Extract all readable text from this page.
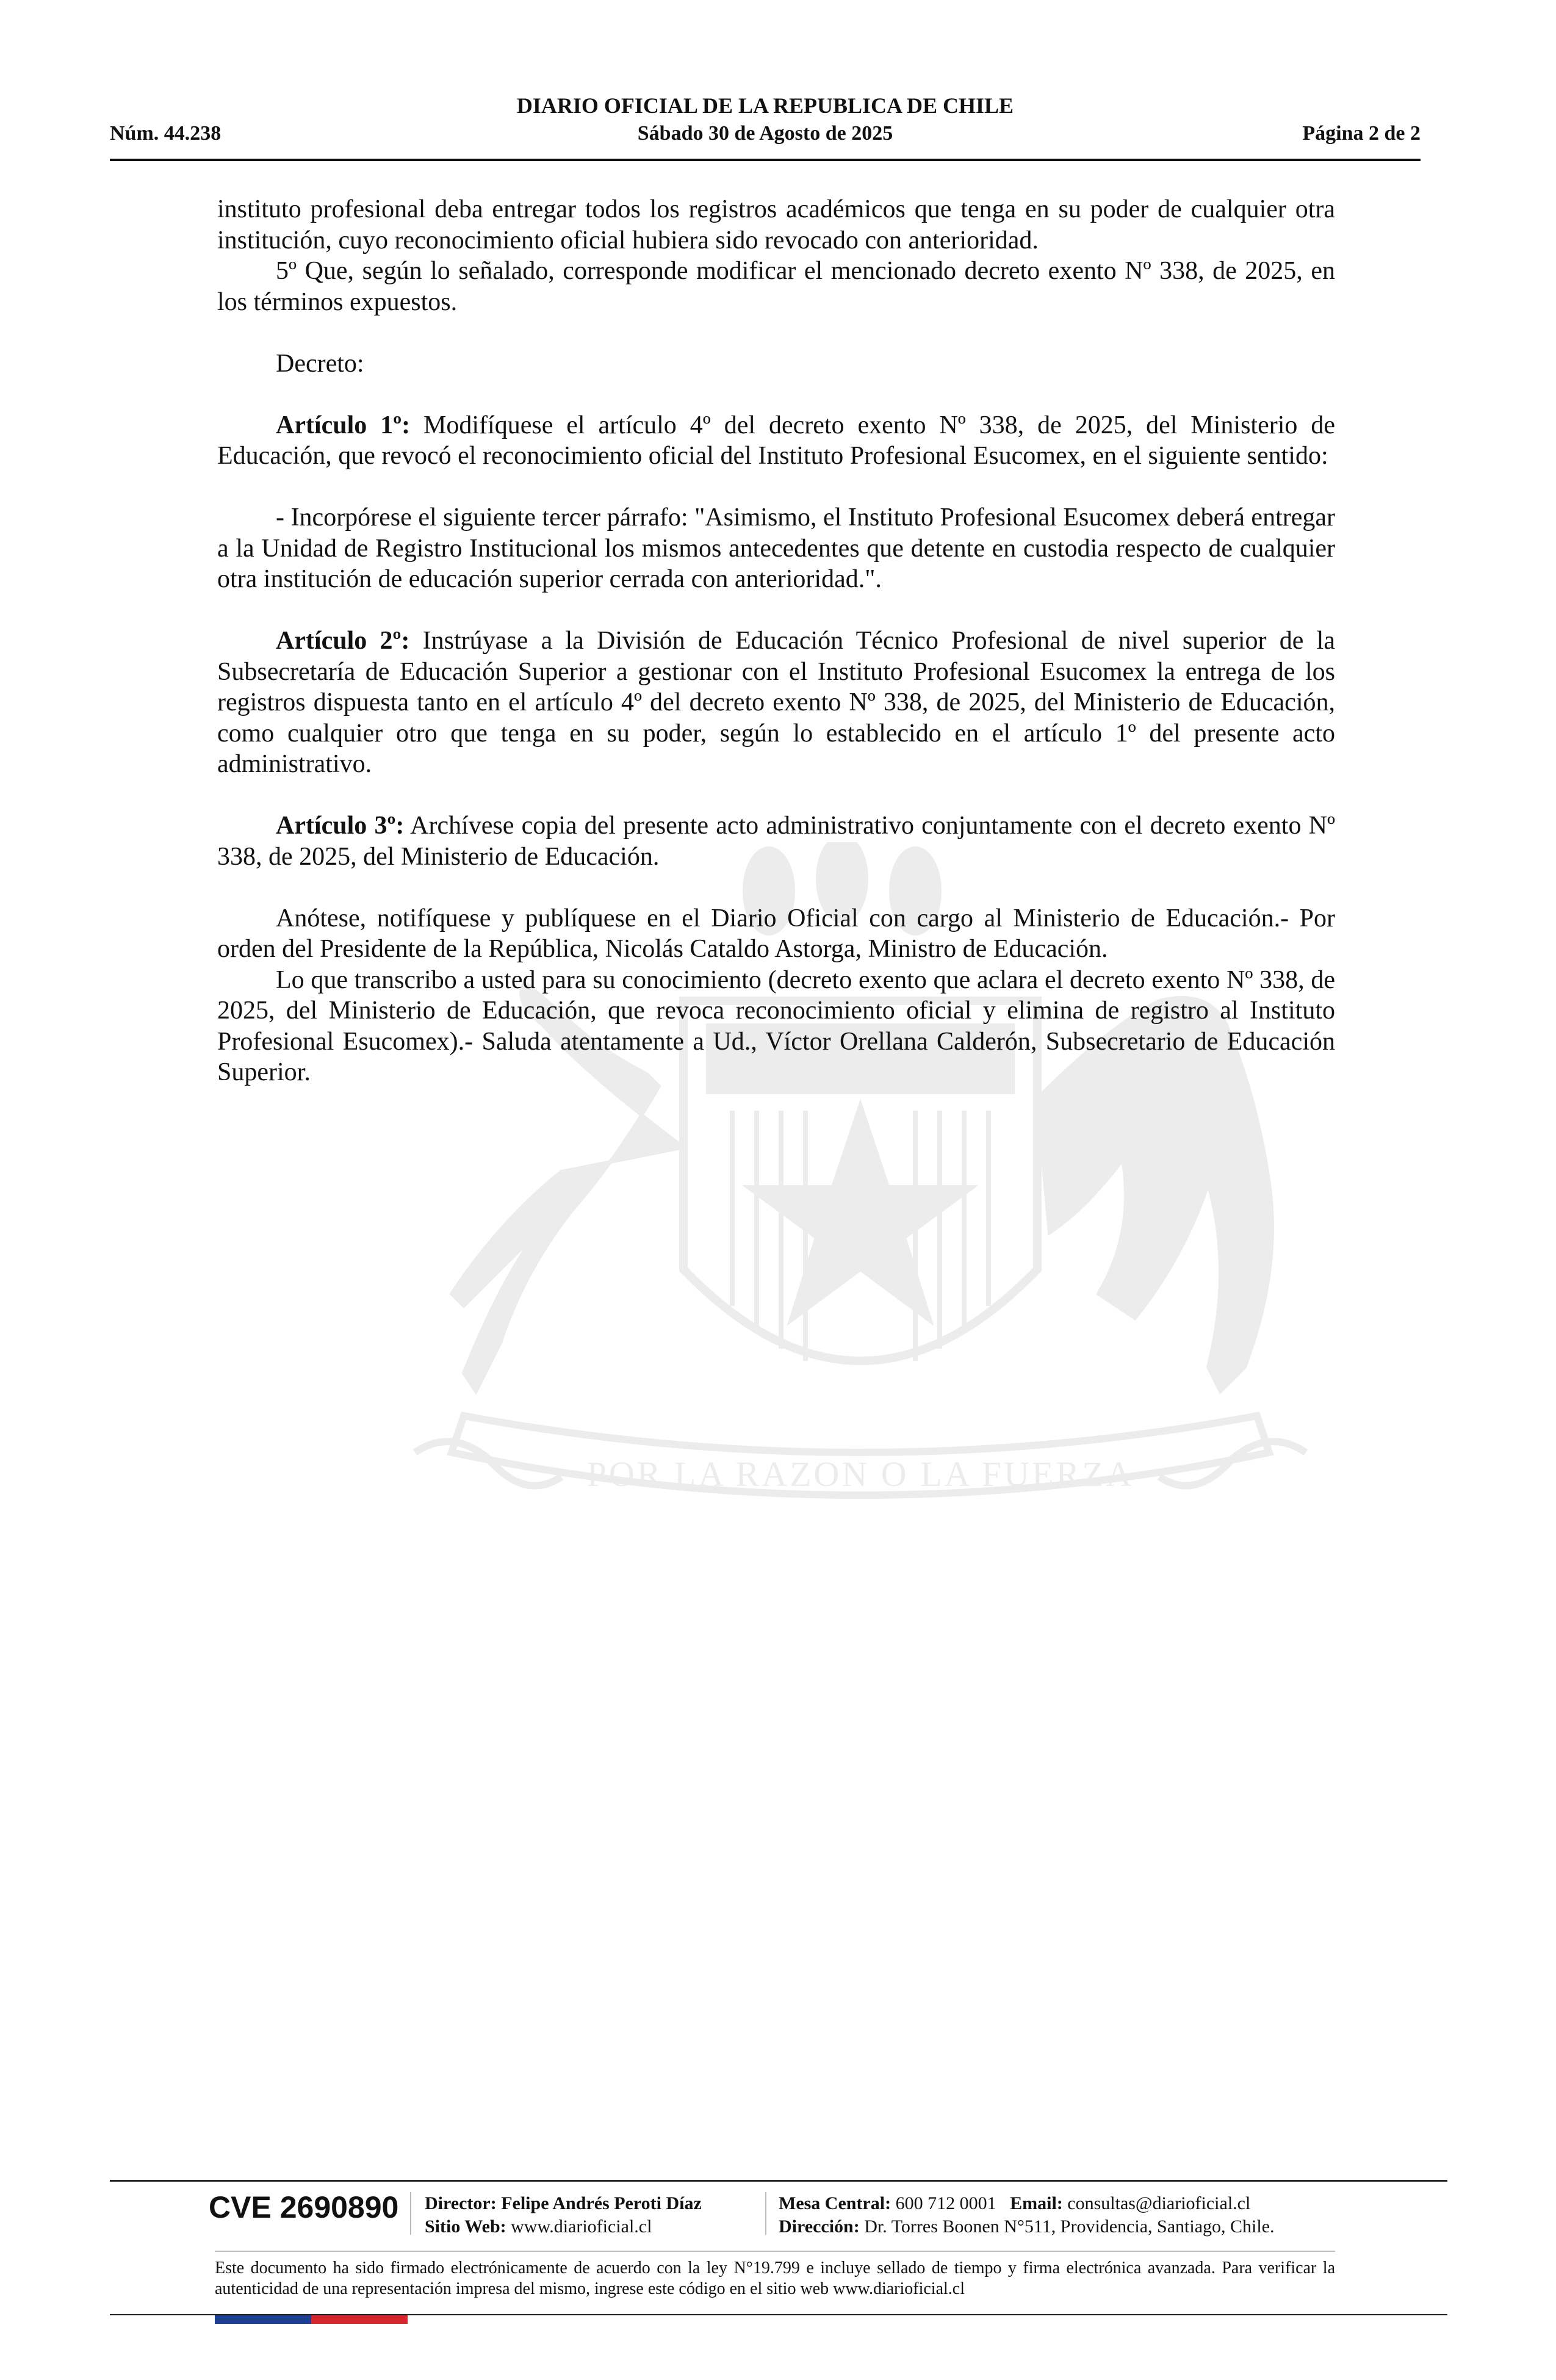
POR LA RAZON O LA FUERZA
DIARIO OFICIAL DE LA REPUBLICA DE CHILE
Núm. 44.238	Sábado 30 de Agosto de 2025	Página 2 de 2

instituto profesional deba entregar todos los registros académicos que tenga en su poder de cualquier otra institución, cuyo reconocimiento oficial hubiera sido revocado con anterioridad.

5º Que, según lo señalado, corresponde modificar el mencionado decreto exento Nº 338, de 2025, en los términos expuestos.

Decreto:

Artículo 1º: Modifíquese el artículo 4º del decreto exento Nº 338, de 2025, del Ministerio de Educación, que revocó el reconocimiento oficial del Instituto Profesional Esucomex, en el siguiente sentido:

- Incorpórese el siguiente tercer párrafo: "Asimismo, el Instituto Profesional Esucomex deberá entregar a la Unidad de Registro Institucional los mismos antecedentes que detente en custodia respecto de cualquier otra institución de educación superior cerrada con anterioridad.".

Artículo 2º: Instrúyase a la División de Educación Técnico Profesional de nivel superior de la Subsecretaría de Educación Superior a gestionar con el Instituto Profesional Esucomex la entrega de los registros dispuesta tanto en el artículo 4º del decreto exento Nº 338, de 2025, del Ministerio de Educación, como cualquier otro que tenga en su poder, según lo establecido en el artículo 1º del presente acto administrativo.

Artículo 3º: Archívese copia del presente acto administrativo conjuntamente con el decreto exento Nº 338, de 2025, del Ministerio de Educación.

Anótese, notifíquese y publíquese en el Diario Oficial con cargo al Ministerio de Educación.- Por orden del Presidente de la República, Nicolás Cataldo Astorga, Ministro de Educación.

Lo que transcribo a usted para su conocimiento (decreto exento que aclara el decreto exento Nº 338, de 2025, del Ministerio de Educación, que revoca reconocimiento oficial y elimina de registro al Instituto Profesional Esucomex).- Saluda atentamente a Ud., Víctor Orellana Calderón, Subsecretario de Educación Superior.

CVE 2690890 Director: Felipe Andrés Peroti Díaz
Sitio Web: www.diarioficial.cl
Mesa Central: 600 712 0001 Email: consultas@diarioficial.cl
Dirección: Dr. Torres Boonen N°511, Providencia, Santiago, Chile.
Este documento ha sido firmado electrónicamente de acuerdo con la ley N°19.799 e incluye sellado de tiempo y firma electrónica avanzada. Para verificar la autenticidad de una representación impresa del mismo, ingrese este código en el sitio web www.diarioficial.cl
